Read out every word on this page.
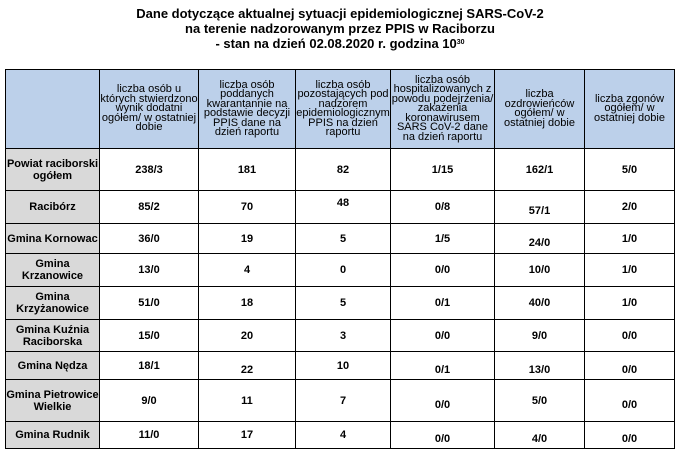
Dane dotyczące aktualnej sytuacji epidemiologicznej SARS-CoV-2
na terenie nadzorowanym przez PPIS w Raciborzu
- stan na dzień 02.08.2020 r. godzina $10^{30}$
	liczba osób u których stwierdzono wynik dodatni ogółem/ w ostatniej dobie	liczba osób poddanych kwarantannie na podstawie decyzji PPIS dane na dzień raportu	liczba osób pozostających pod nadzorem epidemiologicznym PPIS na dzień raportu	liczba osób hospitalizowanych z powodu podejrzenia/ zakażenia koronawirusem SARS CoV-2 dane na dzień raportu	liczba ozdrowieńców ogółem/ w ostatniej dobie	liczba zgonów ogółem/ w ostatniej dobie
Powiat raciborski ogółem	238/3	181	82	1/15	162/1	5/0
Racibórz	85/2	70	48	0/8	57/1	2/0
Gmina Kornowac	36/0	19	5	1/5	24/0	1/0
Gmina Krzanowice	13/0	4	0	0/0	10/0	1/0
Gmina Krzyżanowice	51/0	18	5	0/1	40/0	1/0
Gmina Kuźnia Raciborska	15/0	20	3	0/0	9/0	0/0
Gmina Nędza	18/1	22	10	0/1	13/0	0/0
Gmina Pietrowice Wielkie	9/0	11	7	0/0	5/0	0/0
Gmina Rudnik	11/0	17	4	0/0	4/0	0/0
